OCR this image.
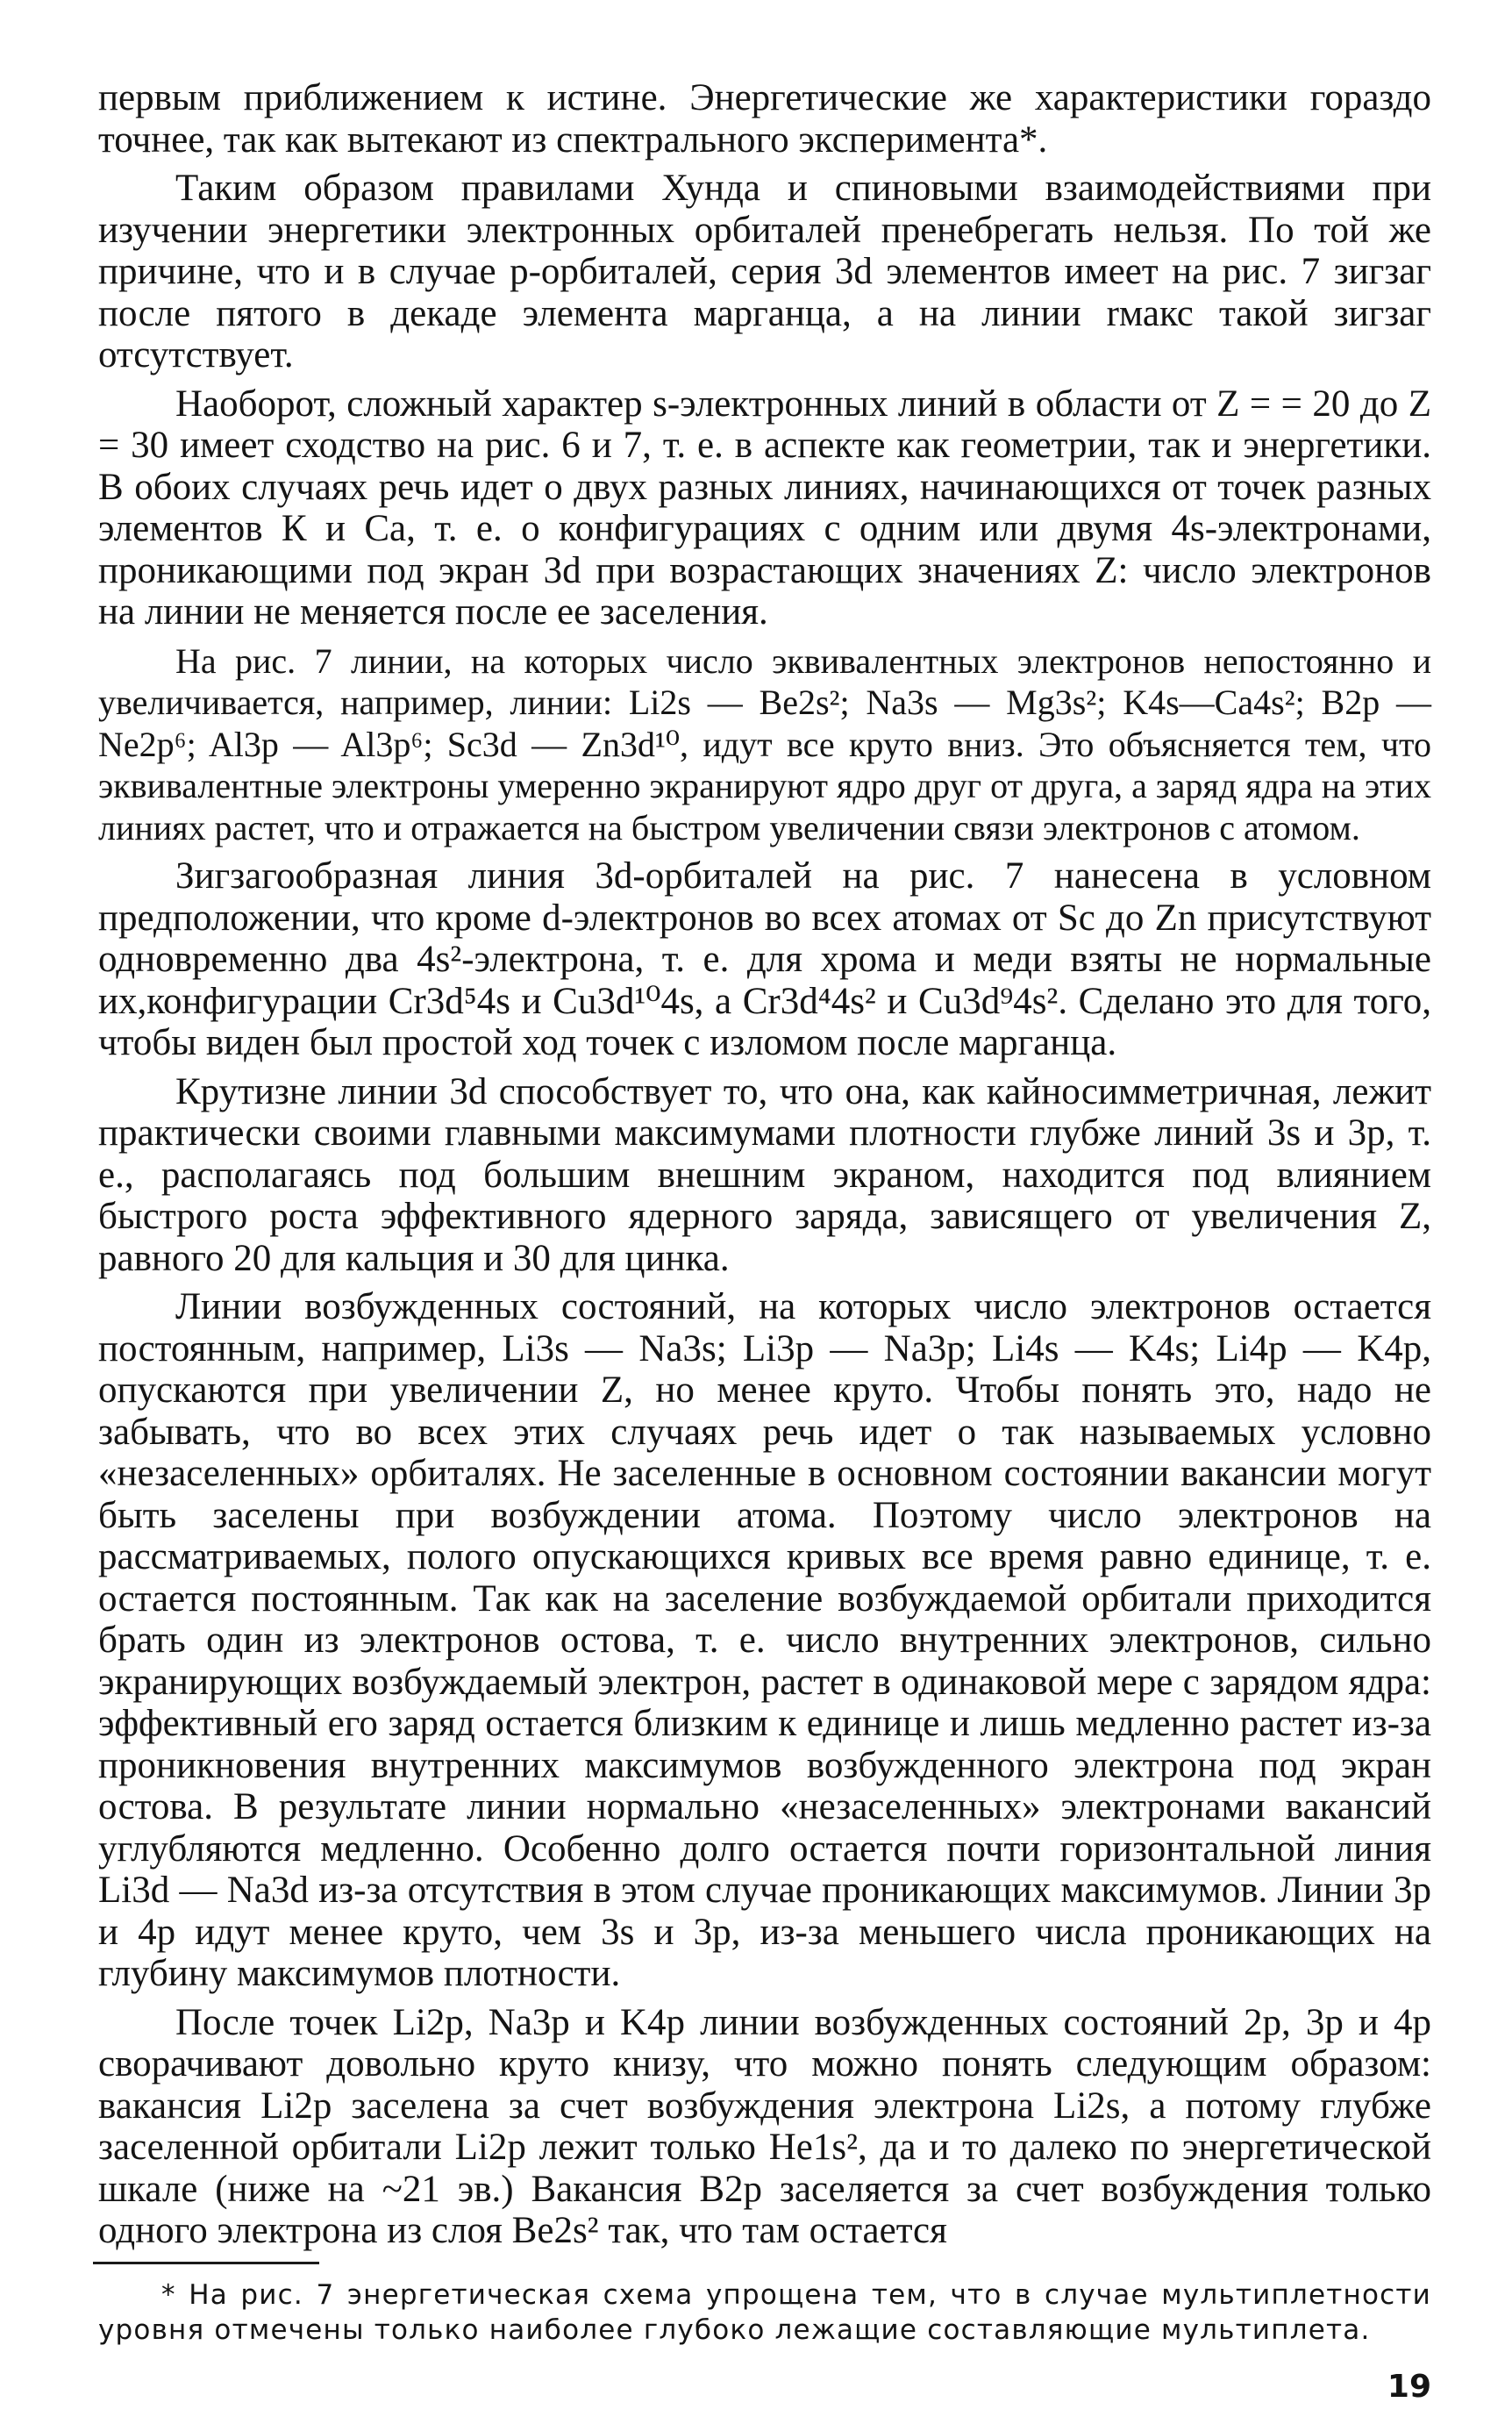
первым приближением к истине. Энергетические же характеристики гораздо точнее, так как вытекают из спектрального эксперимента*.

Таким образом правилами Хунда и спиновыми взаимодействиями при изучении энергетики электронных орбиталей пренебрегать нельзя. По той же причине, что и в случае p-орбиталей, серия 3d элементов имеет на рис. 7 зигзаг после пятого в декаде элемента марганца, а на линии rмакс такой зигзаг отсутствует.

Наоборот, сложный характер s-электронных линий в области от Z = = 20 до Z = 30 имеет сходство на рис. 6 и 7, т. е. в аспекте как геометрии, так и энергетики. В обоих случаях речь идет о двух разных линиях, начинающихся от точек разных элементов К и Са, т. е. о конфигурациях с одним или двумя 4s-электронами, проникающими под экран 3d при возрастающих значениях Z: число электронов на линии не меняется после ее заселения.

На рис. 7 линии, на которых число эквивалентных электронов непостоянно и увеличивается, например, линии: Li2s — Be2s²; Na3s — Mg3s²; K4s—Ca4s²; B2p — Ne2p⁶; Al3p — Al3p⁶; Sc3d — Zn3d¹⁰, идут все круто вниз. Это объясняется тем, что эквивалентные электроны умеренно экранируют ядро друг от друга, а заряд ядра на этих линиях растет, что и отражается на быстром увеличении связи электронов с атомом.

Зигзагообразная линия 3d-орбиталей на рис. 7 нанесена в условном предположении, что кроме d-электронов во всех атомах от Sc до Zn присутствуют одновременно два 4s²-электрона, т. е. для хрома и меди взяты не нормальные их,конфигурации Cr3d⁵4s и Cu3d¹⁰4s, а Cr3d⁴4s² и Cu3d⁹4s². Сделано это для того, чтобы виден был простой ход точек с изломом после марганца.

Крутизне линии 3d способствует то, что она, как кайносимметричная, лежит практически своими главными максимумами плотности глубже линий 3s и 3p, т. е., располагаясь под большим внешним экраном, находится под влиянием быстрого роста эффективного ядерного заряда, зависящего от увеличения Z, равного 20 для кальция и 30 для цинка.

Линии возбужденных состояний, на которых число электронов остается постоянным, например, Li3s — Na3s; Li3p — Na3p; Li4s — K4s; Li4p — K4p, опускаются при увеличении Z, но менее круто. Чтобы понять это, надо не забывать, что во всех этих случаях речь идет о так называемых условно «незаселенных» орбиталях. Не заселенные в основном состоянии вакансии могут быть заселены при возбуждении атома. Поэтому число электронов на рассматриваемых, полого опускающихся кривых все время равно единице, т. е. остается постоянным. Так как на заселение возбуждаемой орбитали приходится брать один из электронов остова, т. е. число внутренних электронов, сильно экранирующих возбуждаемый электрон, растет в одинаковой мере с зарядом ядра: эффективный его заряд остается близким к единице и лишь медленно растет из-за проникновения внутренних максимумов возбужденного электрона под экран остова. В результате линии нормально «незаселенных» электронами вакансий углубляются медленно. Особенно долго остается почти горизонтальной линия Li3d — Na3d из-за отсутствия в этом случае проникающих максимумов. Линии 3p и 4p идут менее круто, чем 3s и 3p, из-за меньшего числа проникающих на глубину максимумов плотности.

После точек Li2p, Na3p и K4p линии возбужденных состояний 2p, 3p и 4p сворачивают довольно круто книзу, что можно понять следующим образом: вакансия Li2p заселена за счет возбуждения электрона Li2s, а потому глубже заселенной орбитали Li2p лежит только He1s², да и то далеко по энергетической шкале (ниже на ~21 эв.) Вакансия B2p заселяется за счет возбуждения только одного электрона из слоя Be2s² так, что там остается

* На рис. 7 энергетическая схема упрощена тем, что в случае мультиплетности уровня отмечены только наиболее глубоко лежащие составляющие мультиплета.

19
